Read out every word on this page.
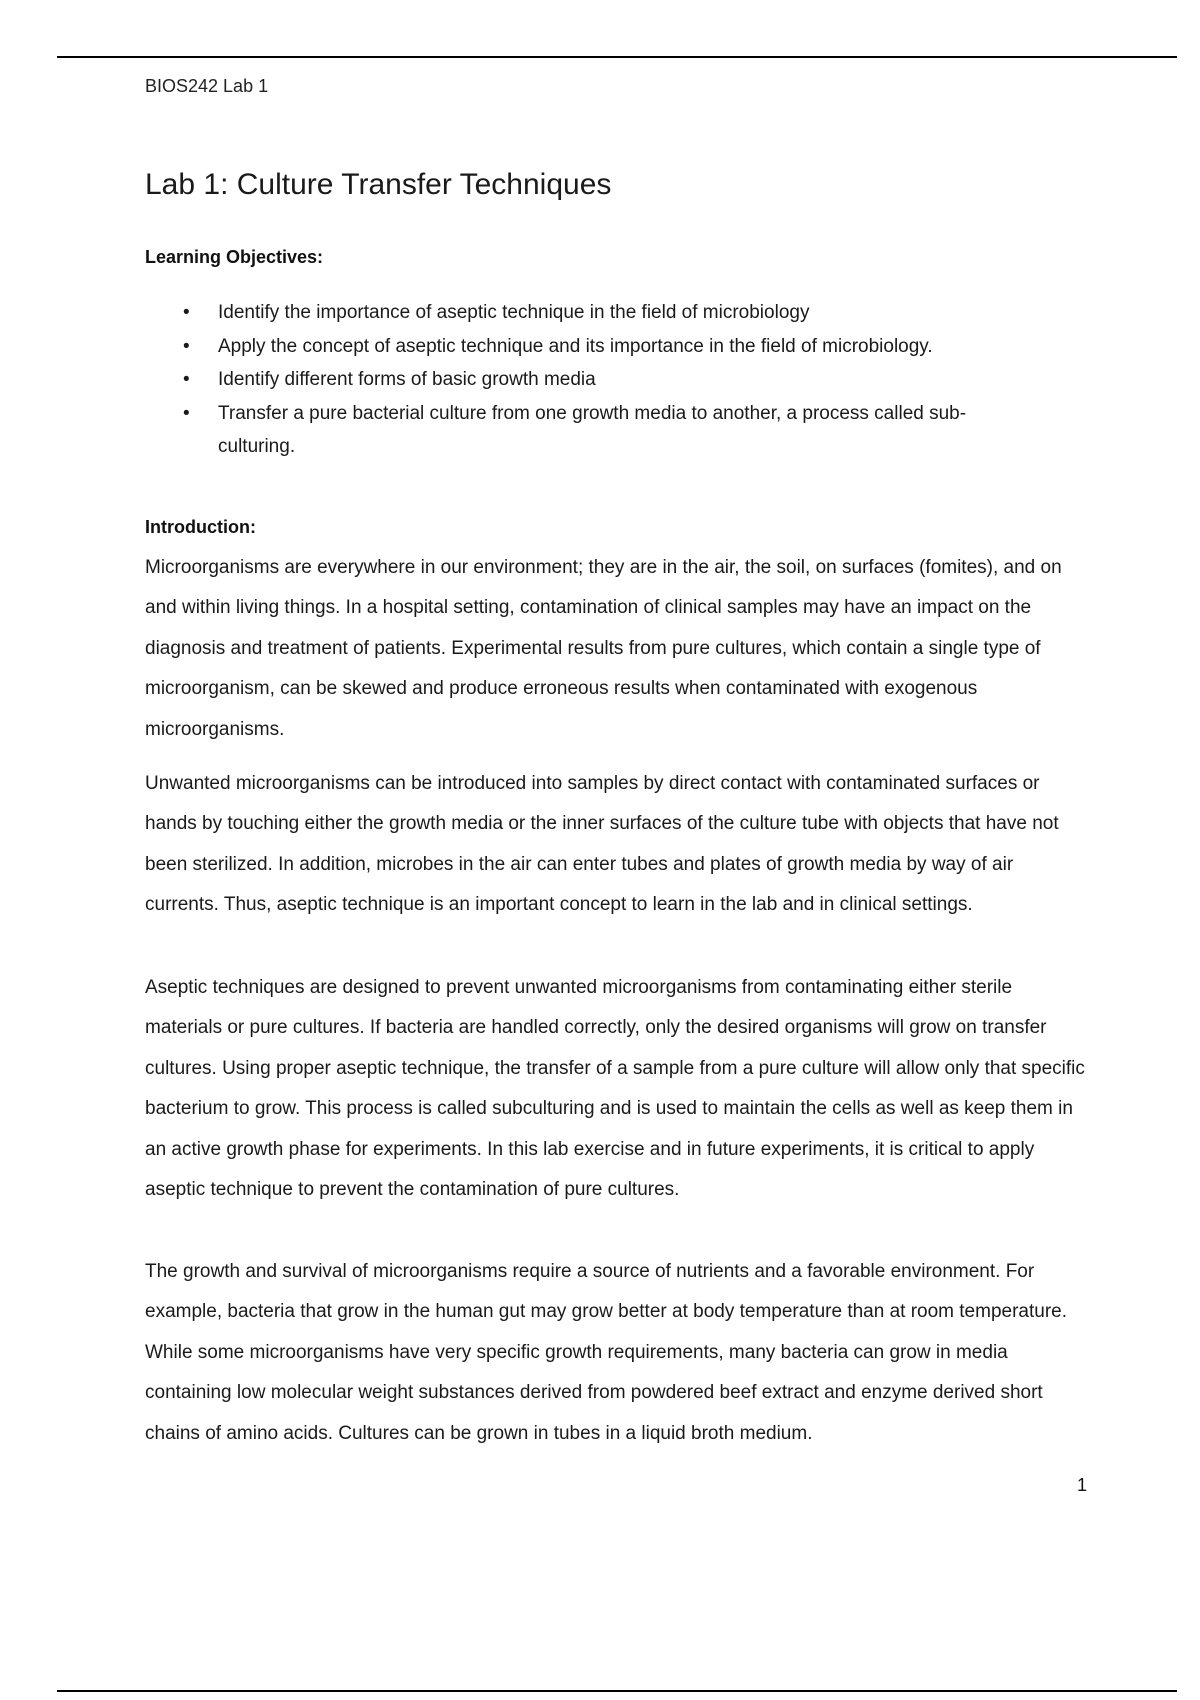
BIOS242 Lab 1
Lab 1: Culture Transfer Techniques
Learning Objectives:
• Identify the importance of aseptic technique in the field of microbiology
• Apply the concept of aseptic technique and its importance in the field of microbiology.
• Identify different forms of basic growth media
• Transfer a pure bacterial culture from one growth media to another, a process called sub- culturing.
Introduction:

Microorganisms are everywhere in our environment; they are in the air, the soil, on surfaces (fomites), and on and within living things. In a hospital setting, contamination of clinical samples may have an impact on the diagnosis and treatment of patients. Experimental results from pure cultures, which contain a single type of microorganism, can be skewed and produce erroneous results when contaminated with exogenous microorganisms.

Unwanted microorganisms can be introduced into samples by direct contact with contaminated surfaces or hands by touching either the growth media or the inner surfaces of the culture tube with objects that have not been sterilized. In addition, microbes in the air can enter tubes and plates of growth media by way of air currents. Thus, aseptic technique is an important concept to learn in the lab and in clinical settings.

Aseptic techniques are designed to prevent unwanted microorganisms from contaminating either sterile materials or pure cultures. If bacteria are handled correctly, only the desired organisms will grow on transfer cultures. Using proper aseptic technique, the transfer of a sample from a pure culture will allow only that specific bacterium to grow. This process is called subculturing and is used to maintain the cells as well as keep them in an active growth phase for experiments. In this lab exercise and in future experiments, it is critical to apply aseptic technique to prevent the contamination of pure cultures.

The growth and survival of microorganisms require a source of nutrients and a favorable environment. For example, bacteria that grow in the human gut may grow better at body temperature than at room temperature. While some microorganisms have very specific growth requirements, many bacteria can grow in media containing low molecular weight substances derived from powdered beef extract and enzyme derived short chains of amino acids. Cultures can be grown in tubes in a liquid broth medium.

1
